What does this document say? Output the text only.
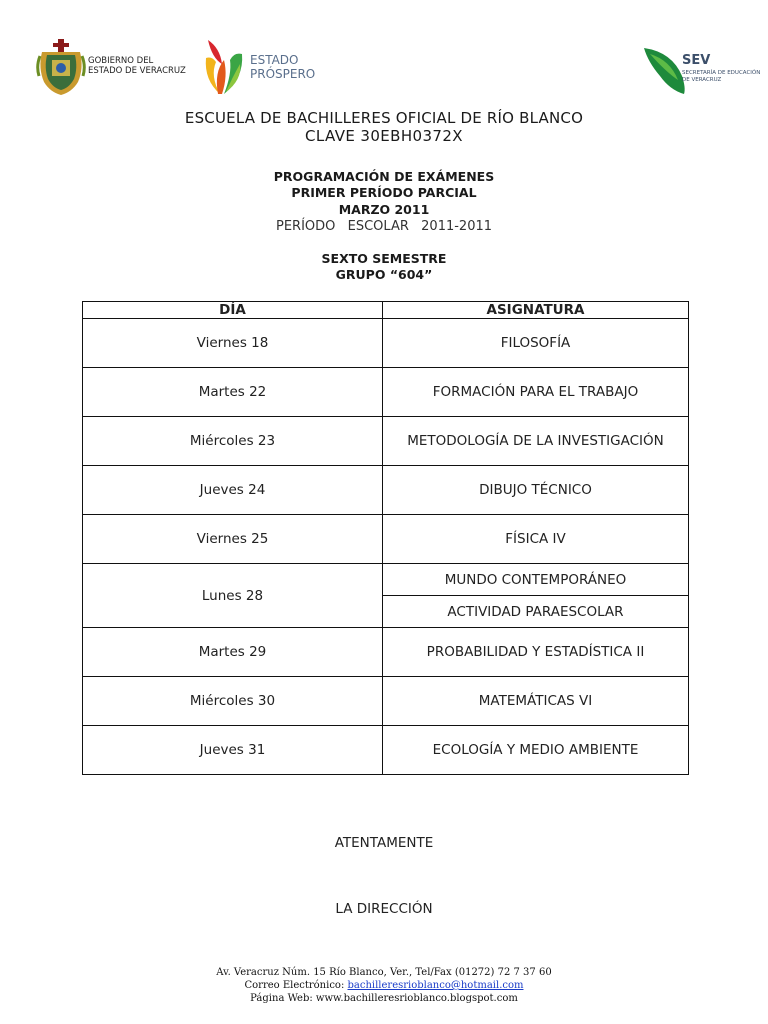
GOBIERNO DEL
ESTADO DE VERACRUZ
ESTADO
PRÓSPERO
SEV
SECRETARÍA DE EDUCACIÓN DE VERACRUZ
ESCUELA DE BACHILLERES OFICIAL DE RÍO BLANCO
CLAVE 30EBH0372X
PROGRAMACIÓN DE EXÁMENES
PRIMER PERÍODO PARCIAL
MARZO 2011
PERÍODO  ESCOLAR  2011-2011
SEXTO SEMESTRE
GRUPO “604”
DÍA	ASIGNATURA
Viernes 18	FILOSOFÍA
Martes 22	FORMACIÓN PARA EL TRABAJO
Miércoles 23	METODOLOGÍA DE LA INVESTIGACIÓN
Jueves 24	DIBUJO TÉCNICO
Viernes 25	FÍSICA IV
Lunes 28	MUNDO CONTEMPORÁNEO
	ACTIVIDAD PARAESCOLAR
Martes 29	PROBABILIDAD Y ESTADÍSTICA II
Miércoles 30	MATEMÁTICAS VI
Jueves 31	ECOLOGÍA Y MEDIO AMBIENTE
ATENTAMENTE
LA DIRECCIÓN
Av. Veracruz Núm. 15 Río Blanco, Ver., Tel/Fax (01272) 72 7 37 60
Correo Electrónico: bachilleresrioblanco@hotmail.com
Página Web: www.bachilleresrioblanco.blogspot.com
